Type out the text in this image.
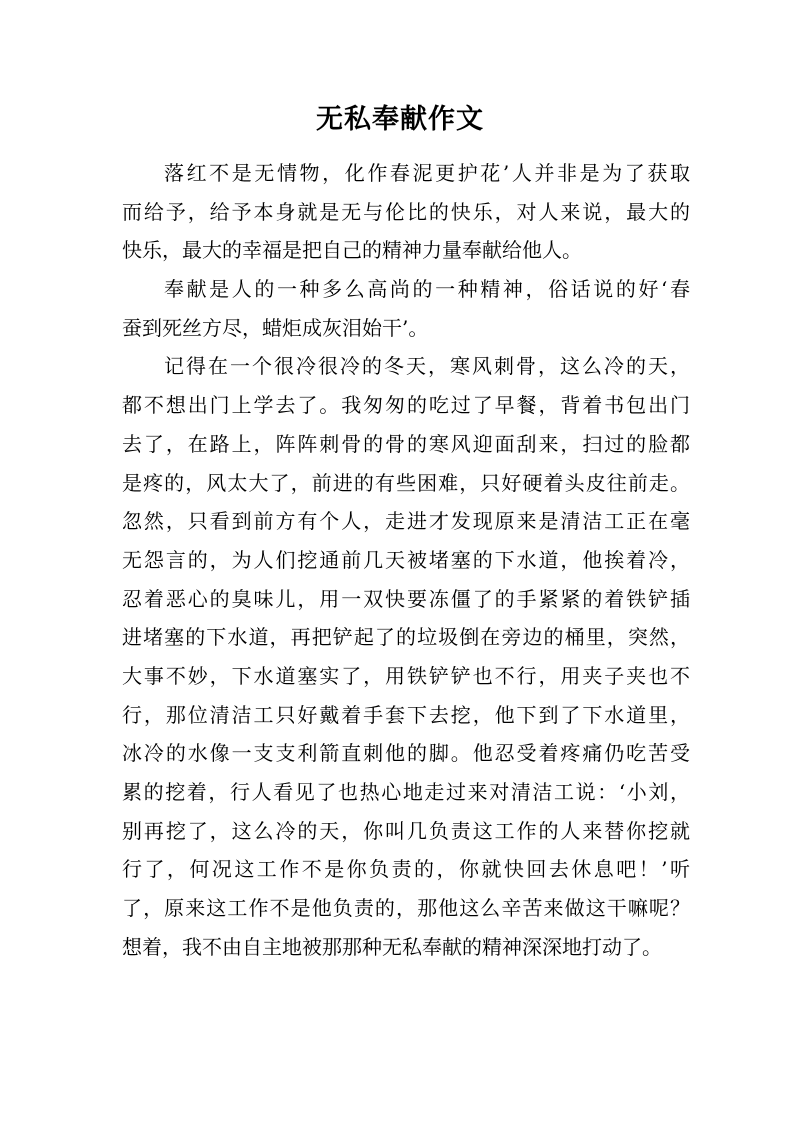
无私奉献作文
落红不是无情物，化作春泥更护花’人并非是为了获取
而给予，给予本身就是无与伦比的快乐，对人来说，最大的
快乐，最大的幸福是把自己的精神力量奉献给他人。
奉献是人的一种多么高尚的一种精神，俗话说的好‘春
蚕到死丝方尽，蜡炬成灰泪始干’。
记得在一个很冷很冷的冬天，寒风刺骨，这么冷的天，
都不想出门上学去了。我匆匆的吃过了早餐，背着书包出门
去了，在路上，阵阵刺骨的骨的寒风迎面刮来，扫过的脸都
是疼的，风太大了，前进的有些困难，只好硬着头皮往前走。
忽然，只看到前方有个人，走进才发现原来是清洁工正在毫
无怨言的，为人们挖通前几天被堵塞的下水道，他挨着冷，
忍着恶心的臭味儿，用一双快要冻僵了的手紧紧的着铁铲插
进堵塞的下水道，再把铲起了的垃圾倒在旁边的桶里，突然，
大事不妙，下水道塞实了，用铁铲铲也不行，用夹子夹也不
行，那位清洁工只好戴着手套下去挖，他下到了下水道里，
冰冷的水像一支支利箭直刺他的脚。他忍受着疼痛仍吃苦受
累的挖着，行人看见了也热心地走过来对清洁工说：‘小刘，
别再挖了，这么冷的天，你叫几负责这工作的人来替你挖就
行了，何况这工作不是你负责的，你就快回去休息吧！’听
了，原来这工作不是他负责的，那他这么辛苦来做这干嘛呢？
想着，我不由自主地被那那种无私奉献的精神深深地打动了。
